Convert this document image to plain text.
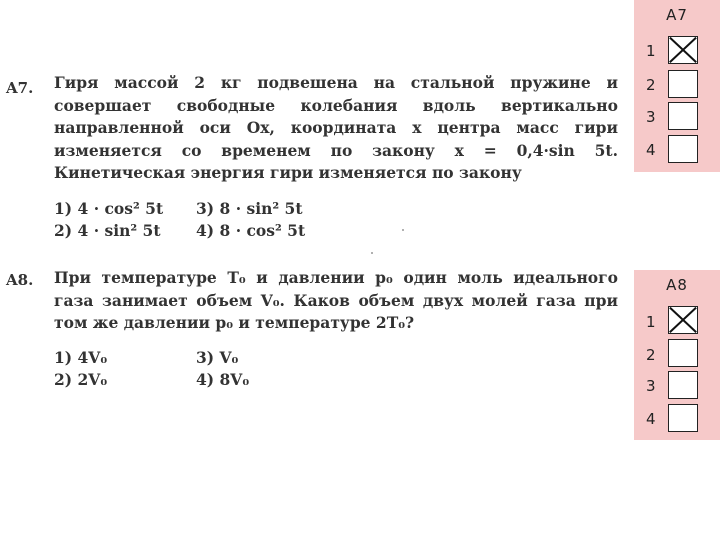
A7. Гиря массой 2 кг подвешена на стальной пружине и совершает свободные колебания вдоль вертикально направленной оси Ox, координата x центра масс гири изменяется со временем по закону x = 0,4·sin 5t. Кинетическая энергия гири изменяется по закону
1) 4 · cos² 5t
2) 4 · sin² 5t
3) 8 · sin² 5t
4) 8 · cos² 5t
A8. При температуре T₀ и давлении p₀ один моль идеального газа занимает объем V₀. Каков объем двух молей газа при том же давлении p₀ и температуре 2T₀?
1) 4V₀
2) 2V₀
3) V₀
4) 8V₀
A7
1
2
3
4
A8
1
2
3
4
